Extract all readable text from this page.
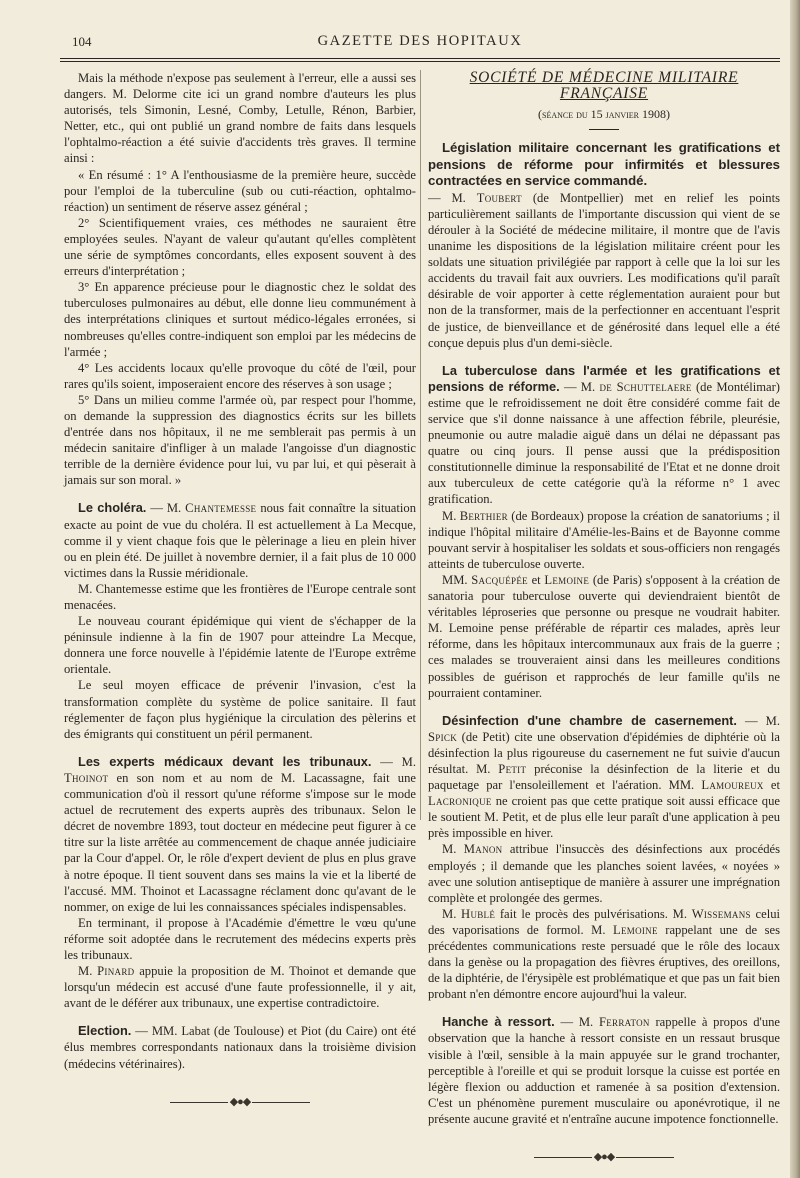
104	GAZETTE DES HOPITAUX

Mais la méthode n'expose pas seulement à l'erreur, elle a aussi ses dangers. M. Delorme cite ici un grand nombre d'auteurs les plus autorisés, tels Simonin, Lesné, Comby, Letulle, Rénon, Barbier, Netter, etc., qui ont publié un grand nombre de faits dans lesquels l'ophtalmo-réaction a été suivie d'accidents très graves. Il termine ainsi :

« En résumé : 1° A l'enthousiasme de la première heure, succède pour l'emploi de la tuberculine (sub ou cuti-réaction, ophtalmo-réaction) un sentiment de réserve assez général ;

2° Scientifiquement vraies, ces méthodes ne sauraient être employées seules. N'ayant de valeur qu'autant qu'elles complètent une série de symptômes concordants, elles exposent souvent à des erreurs d'interprétation ;

3° En apparence précieuse pour le diagnostic chez le soldat des tuberculoses pulmonaires au début, elle donne lieu communément à des interprétations cliniques et surtout médico-légales erronées, si nombreuses qu'elles contre-indiquent son emploi par les médecins de l'armée ;

4° Les accidents locaux qu'elle provoque du côté de l'œil, pour rares qu'ils soient, imposeraient encore des réserves à son usage ;

5° Dans un milieu comme l'armée où, par respect pour l'homme, on demande la suppression des diagnostics écrits sur les billets d'entrée dans nos hôpitaux, il ne me semblerait pas permis à un médecin sanitaire d'infliger à un malade l'angoisse d'un diagnostic terrible de la dernière évidence pour lui, vu par lui, et qui pèserait à jamais sur son moral. »

Le choléra. — M. Chantemesse nous fait connaître la situation exacte au point de vue du choléra. Il est actuellement à La Mecque, comme il y vient chaque fois que le pèlerinage a lieu en plein hiver ou en plein été. De juillet à novembre dernier, il a fait plus de 10 000 victimes dans la Russie méridionale.

M. Chantemesse estime que les frontières de l'Europe centrale sont menacées.

Le nouveau courant épidémique qui vient de s'échapper de la péninsule indienne à la fin de 1907 pour atteindre La Mecque, donnera une force nouvelle à l'épidémie latente de l'Europe extrême orientale.

Le seul moyen efficace de prévenir l'invasion, c'est la transformation complète du système de police sanitaire. Il faut réglementer de façon plus hygiénique la circulation des pèlerins et des émigrants qui constituent un péril permanent.

Les experts médicaux devant les tribunaux. — M. Thoinot en son nom et au nom de M. Lacassagne, fait une communication d'où il ressort qu'une réforme s'impose sur le mode actuel de recrutement des experts auprès des tribunaux. Selon le décret de novembre 1893, tout docteur en médecine peut figurer à ce titre sur la liste arrêtée au commencement de chaque année judiciaire par la Cour d'appel. Or, le rôle d'expert devient de plus en plus grave à notre époque. Il tient souvent dans ses mains la vie et la liberté de l'accusé. MM. Thoinot et Lacassagne réclament donc qu'avant de le nommer, on exige de lui les connaissances spéciales indispensables.

En terminant, il propose à l'Académie d'émettre le vœu qu'une réforme soit adoptée dans le recrutement des médecins experts près les tribunaux.

M. Pinard appuie la proposition de M. Thoinot et demande que lorsqu'un médecin est accusé d'une faute professionnelle, il y ait, avant de le déférer aux tribunaux, une expertise contradictoire.

Election. — MM. Labat (de Toulouse) et Piot (du Caire) ont été élus membres correspondants nationaux dans la troisième division (médecins vétérinaires).

◆●◆
SOCIÉTÉ DE MÉDECINE MILITAIRE FRANÇAISE
(séance du 15 janvier 1908)

Législation militaire concernant les gratifications et pensions de réforme pour infirmités et blessures contractées en service commandé.

— M. Toubert (de Montpellier) met en relief les points particulièrement saillants de l'importante discussion qui vient de se dérouler à la Société de médecine militaire, il montre que de l'avis unanime les dispositions de la législation militaire créent pour les soldats une situation privilégiée par rapport à celle que la loi sur les accidents du travail fait aux ouvriers. Les modifications qu'il paraît désirable de voir apporter à cette réglementation auraient pour but non de la transformer, mais de la perfectionner en accentuant l'esprit de justice, de bienveillance et de générosité dans lequel elle a été conçue depuis plus d'un demi-siècle.

La tuberculose dans l'armée et les gratifications et pensions de réforme. — M. de Schuttelaere (de Montélimar) estime que le refroidissement ne doit être considéré comme fait de service que s'il donne naissance à une affection fébrile, pleurésie, pneumonie ou autre maladie aiguë dans un délai ne dépassant pas quatre ou cinq jours. Il pense aussi que la prédisposition constitutionnelle diminue la responsabilité de l'Etat et ne donne droit aux tuberculeux de cette catégorie qu'à la réforme n° 1 avec gratification.

M. Berthier (de Bordeaux) propose la création de sanatoriums ; il indique l'hôpital militaire d'Amélie-les-Bains et de Bayonne comme pouvant servir à hospitaliser les soldats et sous-officiers non rengagés atteints de tuberculose ouverte.

MM. Sacquépée et Lemoine (de Paris) s'opposent à la création de sanatoria pour tuberculose ouverte qui deviendraient bientôt de véritables léproseries que personne ou presque ne voudrait habiter. M. Lemoine pense préférable de répartir ces malades, après leur réforme, dans les hôpitaux intercommunaux aux frais de la guerre ; ces malades se trouveraient ainsi dans les meilleures conditions possibles de guérison et rapprochés de leur famille qu'ils ne pourraient contaminer.

Désinfection d'une chambre de casernement. — M. Spick (de Petit) cite une observation d'épidémies de diphtérie où la désinfection la plus rigoureuse du casernement ne fut suivie d'aucun résultat. M. Petit préconise la désinfection de la literie et du paquetage par l'ensoleillement et l'aération. MM. Lamoureux et Lacronique ne croient pas que cette pratique soit aussi efficace que le soutient M. Petit, et de plus elle leur paraît d'une application à peu près impossible en hiver.

M. Manon attribue l'insuccès des désinfections aux procédés employés ; il demande que les planches soient lavées, « noyées » avec une solution antiseptique de manière à assurer une imprégnation complète et prolongée des germes.

M. Hublé fait le procès des pulvérisations. M. Wissemans celui des vaporisations de formol. M. Lemoine rappelant une de ses précédentes communications reste persuadé que le rôle des locaux dans la genèse ou la propagation des fièvres éruptives, des oreillons, de la diphtérie, de l'érysipèle est problématique et que pas un fait bien probant n'en démontre encore aujourd'hui la valeur.

Hanche à ressort. — M. Ferraton rappelle à propos d'une observation que la hanche à ressort consiste en un ressaut brusque visible à l'œil, sensible à la main appuyée sur le grand trochanter, perceptible à l'oreille et qui se produit lorsque la cuisse est portée en légère flexion ou adduction et ramenée à sa position d'extension. C'est un phénomène purement musculaire ou aponévrotique, il ne présente aucune gravité et n'entraîne aucune impotence fonctionnelle.

◆●◆
